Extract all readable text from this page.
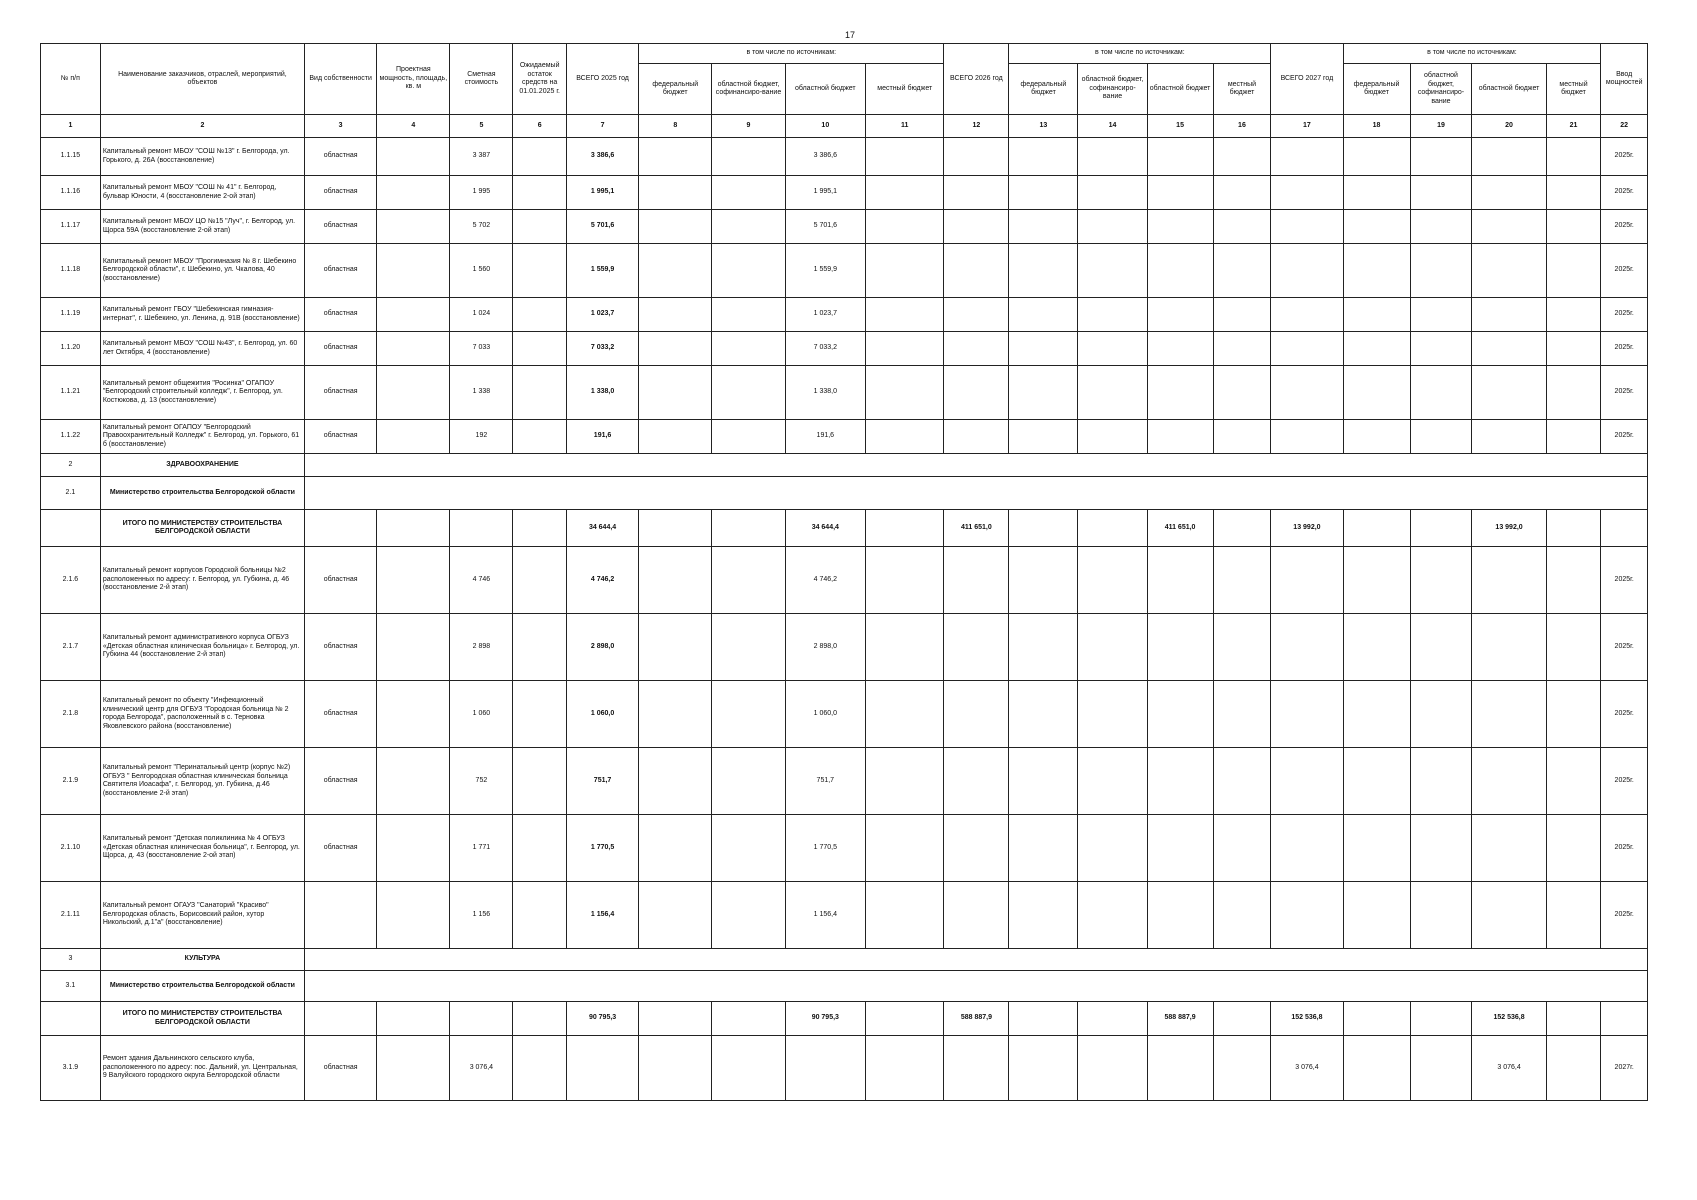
17
№ п/п	Наименование заказчиков, отраслей, мероприятий, объектов	Вид собственности	Проектная мощность, площадь, кв. м	Сметная стоимость	Ожидаемый остаток средств на 01.01.2025 г.	ВСЕГО 2025 год	в том числе по источникам:				ВСЕГО 2026 год	в том числе по источникам:				ВСЕГО 2027 год	в том числе по источникам:				Ввод мощностей
							федеральный бюджет	областной бюджет, софинансиро-вание	областной бюджет	местный бюджет		федеральный бюджет	областной бюджет, софинансиро-вание	областной бюджет	местный бюджет		федеральный бюджет	областной бюджет, софинансиро-вание	областной бюджет	местный бюджет	
1	2	3	4	5	6	7	8	9	10	11	12	13	14	15	16	17	18	19	20	21	22
1.1.15	Капитальный ремонт МБОУ "СОШ №13" г. Белгорода, ул. Горького, д. 26А (восстановление)	областная		3 387		3 386,6			3 386,6												2025г.
1.1.16	Капитальный ремонт МБОУ "СОШ № 41" г. Белгород, бульвар Юности, 4 (восстановление 2-ой этап)	областная		1 995		1 995,1			1 995,1												2025г.
1.1.17	Капитальный ремонт МБОУ ЦО №15 "Луч", г. Белгород, ул. Щорса 59А (восстановление 2-ой этап)	областная		5 702		5 701,6			5 701,6												2025г.
1.1.18	Капитальный ремонт МБОУ "Прогимназия № 8 г. Шебекино Белгородской области", г. Шебекино, ул. Чкалова, 40 (восстановление)	областная		1 560		1 559,9			1 559,9												2025г.
1.1.19	Капитальный ремонт ГБОУ "Шебекинская гимназия-интернат", г. Шебекино, ул. Ленина, д. 91В (восстановление)	областная		1 024		1 023,7			1 023,7												2025г.
1.1.20	Капитальный ремонт МБОУ "СОШ №43", г. Белгород, ул. 60 лет Октября, 4 (восстановление)	областная		7 033		7 033,2			7 033,2												2025г.
1.1.21	Капитальный ремонт общежития "Росинка" ОГАПОУ "Белгородский строительный колледж", г. Белгород, ул. Костюкова, д. 13 (восстановление)	областная		1 338		1 338,0			1 338,0												2025г.
1.1.22	Капитальный ремонт ОГАПОУ "Белгородский Правоохранительный Колледж" г. Белгород, ул. Горького, 61 б (восстановление)	областная		192		191,6			191,6												2025г.
2	ЗДРАВООХРАНЕНИЕ																				
2.1	Министерство строительства Белгородской области																				
	ИТОГО ПО МИНИСТЕРСТВУ СТРОИТЕЛЬСТВА БЕЛГОРОДСКОЙ ОБЛАСТИ					34 644,4			34 644,4		411 651,0			411 651,0		13 992,0			13 992,0		
2.1.6	Капитальный ремонт корпусов Городской больницы №2 расположенных по адресу: г. Белгород, ул. Губкина, д. 46 (восстановление 2-й этап)	областная		4 746		4 746,2			4 746,2												2025г.
2.1.7	Капитальный ремонт административного корпуса ОГБУЗ «Детская областная клиническая больница» г. Белгород, ул. Губкина 44 (восстановление 2-й этап)	областная		2 898		2 898,0			2 898,0												2025г.
2.1.8	Капитальный ремонт по объекту "Инфекционный клинический центр для ОГБУЗ "Городская больница № 2 города Белгорода", расположенный в с. Терновка Яковлевского района (восстановление)	областная		1 060		1 060,0			1 060,0												2025г.
2.1.9	Капитальный ремонт "Перинатальный центр (корпус №2) ОГБУЗ " Белгородская областная клиническая больница Святителя Иоасафа", г. Белгород, ул. Губкина, д.46 (восстановление 2-й этап)	областная		752		751,7			751,7												2025г.
2.1.10	Капитальный ремонт "Детская поликлиника № 4 ОГБУЗ «Детская областная клиническая больница", г. Белгород, ул. Щорса, д. 43 (восстановление 2-ой этап)	областная		1 771		1 770,5			1 770,5												2025г.
2.1.11	Капитальный ремонт ОГАУЗ "Санаторий "Красиво" Белгородская область, Борисовский район, хутор Никольский, д.1"а" (восстановление)			1 156		1 156,4			1 156,4												2025г.
3	КУЛЬТУРА																				
3.1	Министерство строительства Белгородской области																				
	ИТОГО ПО МИНИСТЕРСТВУ СТРОИТЕЛЬСТВА БЕЛГОРОДСКОЙ ОБЛАСТИ					90 795,3			90 795,3		588 887,9			588 887,9		152 536,8			152 536,8		
3.1.9	Ремонт здания Дальнинского сельского клуба, расположенного по адресу: пос. Дальний, ул. Центральная, 9 Валуйского городского округа Белгородской области	областная		3 076,4												3 076,4			3 076,4		2027г.
